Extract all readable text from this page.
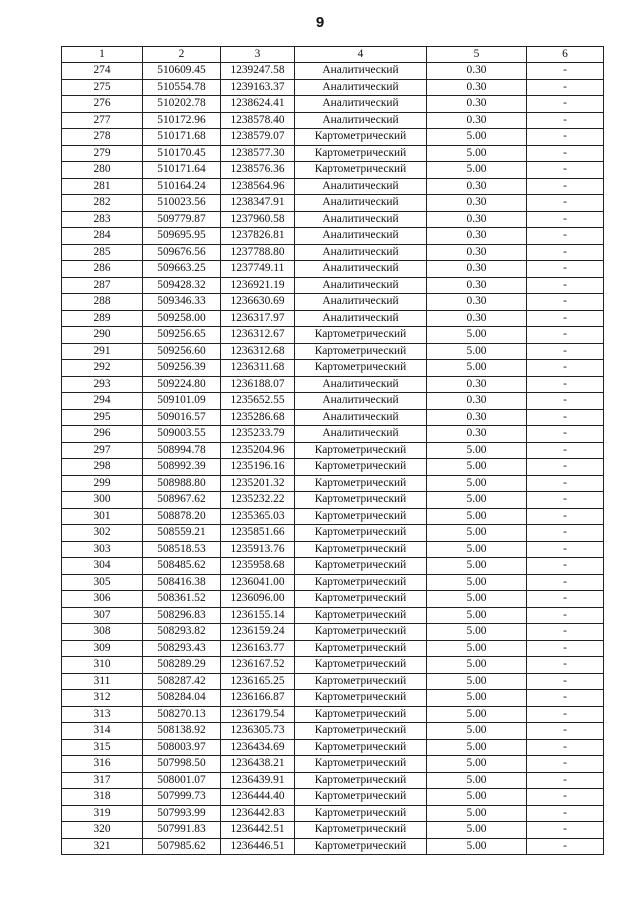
9
1	2	3	4	5	6
274	510609.45	1239247.58	Аналитический	0.30	-
275	510554.78	1239163.37	Аналитический	0.30	-
276	510202.78	1238624.41	Аналитический	0.30	-
277	510172.96	1238578.40	Аналитический	0.30	-
278	510171.68	1238579.07	Картометрический	5.00	-
279	510170.45	1238577.30	Картометрический	5.00	-
280	510171.64	1238576.36	Картометрический	5.00	-
281	510164.24	1238564.96	Аналитический	0.30	-
282	510023.56	1238347.91	Аналитический	0.30	-
283	509779.87	1237960.58	Аналитический	0.30	-
284	509695.95	1237826.81	Аналитический	0.30	-
285	509676.56	1237788.80	Аналитический	0.30	-
286	509663.25	1237749.11	Аналитический	0.30	-
287	509428.32	1236921.19	Аналитический	0.30	-
288	509346.33	1236630.69	Аналитический	0.30	-
289	509258.00	1236317.97	Аналитический	0.30	-
290	509256.65	1236312.67	Картометрический	5.00	-
291	509256.60	1236312.68	Картометрический	5.00	-
292	509256.39	1236311.68	Картометрический	5.00	-
293	509224.80	1236188.07	Аналитический	0.30	-
294	509101.09	1235652.55	Аналитический	0.30	-
295	509016.57	1235286.68	Аналитический	0.30	-
296	509003.55	1235233.79	Аналитический	0.30	-
297	508994.78	1235204.96	Картометрический	5.00	-
298	508992.39	1235196.16	Картометрический	5.00	-
299	508988.80	1235201.32	Картометрический	5.00	-
300	508967.62	1235232.22	Картометрический	5.00	-
301	508878.20	1235365.03	Картометрический	5.00	-
302	508559.21	1235851.66	Картометрический	5.00	-
303	508518.53	1235913.76	Картометрический	5.00	-
304	508485.62	1235958.68	Картометрический	5.00	-
305	508416.38	1236041.00	Картометрический	5.00	-
306	508361.52	1236096.00	Картометрический	5.00	-
307	508296.83	1236155.14	Картометрический	5.00	-
308	508293.82	1236159.24	Картометрический	5.00	-
309	508293.43	1236163.77	Картометрический	5.00	-
310	508289.29	1236167.52	Картометрический	5.00	-
311	508287.42	1236165.25	Картометрический	5.00	-
312	508284.04	1236166.87	Картометрический	5.00	-
313	508270.13	1236179.54	Картометрический	5.00	-
314	508138.92	1236305.73	Картометрический	5.00	-
315	508003.97	1236434.69	Картометрический	5.00	-
316	507998.50	1236438.21	Картометрический	5.00	-
317	508001.07	1236439.91	Картометрический	5.00	-
318	507999.73	1236444.40	Картометрический	5.00	-
319	507993.99	1236442.83	Картометрический	5.00	-
320	507991.83	1236442.51	Картометрический	5.00	-
321	507985.62	1236446.51	Картометрический	5.00	-
